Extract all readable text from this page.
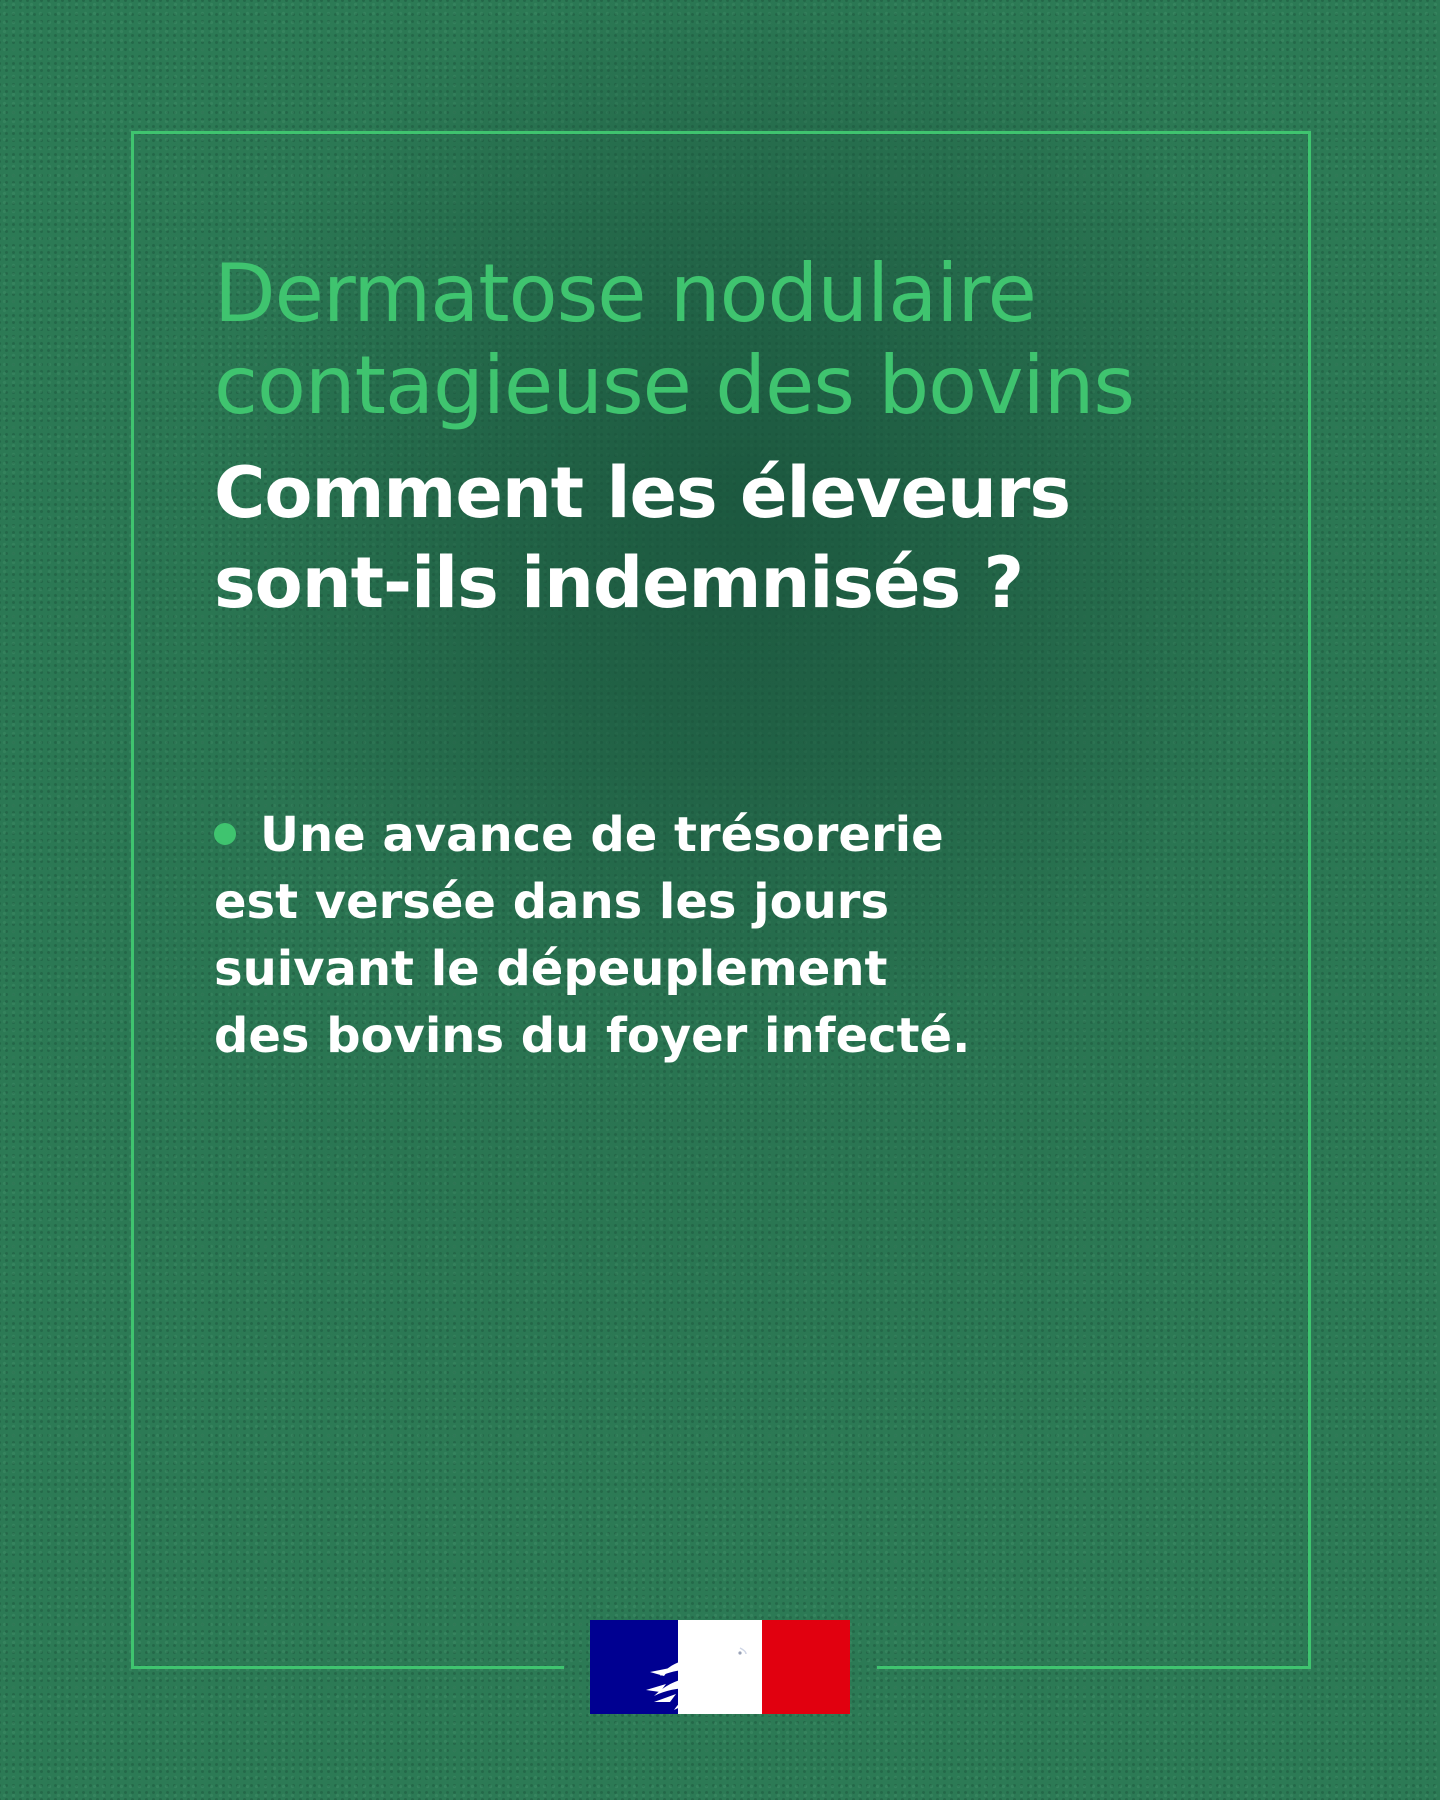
Dermatose nodulaire
contagieuse des bovins
Comment les éleveurs
sont-ils indemnisés ?
Une avance de trésorerie
est versée dans les jours
suivant le dépeuplement
des bovins du foyer infecté.
